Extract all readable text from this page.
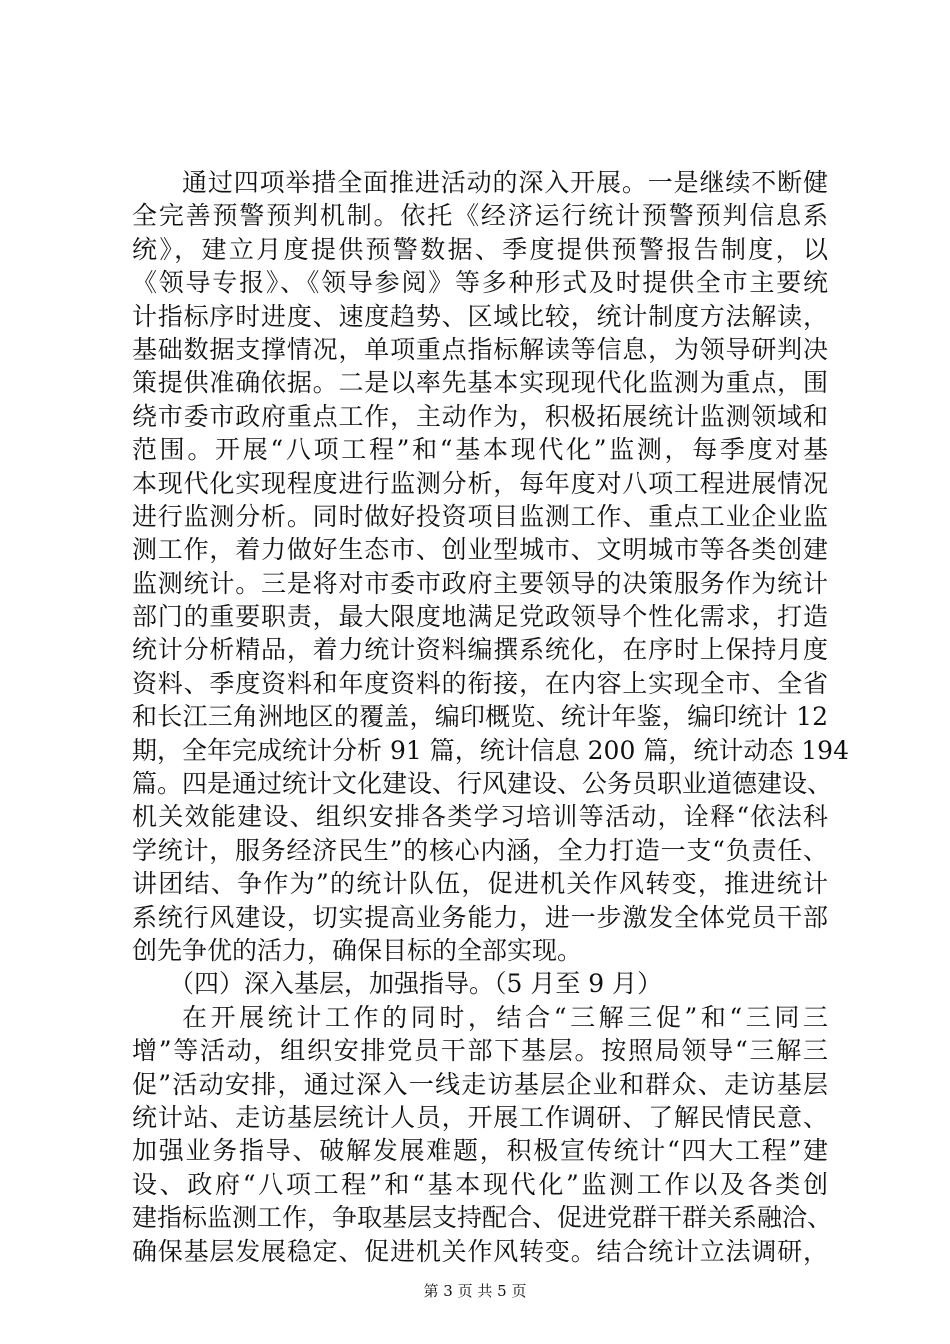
通过四项举措全面推进活动的深入开展。一是继续不断健
全完善预警预判机制。依托《经济运行统计预警预判信息系
统》，建立月度提供预警数据、季度提供预警报告制度，以
《领导专报》、《领导参阅》等多种形式及时提供全市主要统
计指标序时进度、速度趋势、区域比较，统计制度方法解读，
基础数据支撑情况，单项重点指标解读等信息，为领导研判决
策提供准确依据。二是以率先基本实现现代化监测为重点，围
绕市委市政府重点工作，主动作为，积极拓展统计监测领域和
范围。开展“八项工程”和“基本现代化”监测，每季度对基
本现代化实现程度进行监测分析，每年度对八项工程进展情况
进行监测分析。同时做好投资项目监测工作、重点工业企业监
测工作，着力做好生态市、创业型城市、文明城市等各类创建
监测统计。三是将对市委市政府主要领导的决策服务作为统计
部门的重要职责，最大限度地满足党政领导个性化需求，打造
统计分析精品，着力统计资料编撰系统化，在序时上保持月度
资料、季度资料和年度资料的衔接，在内容上实现全市、全省
和长江三角洲地区的覆盖，编印概览、统计年鉴，编印统计 12
期，全年完成统计分析 91 篇，统计信息 200 篇，统计动态 194
篇。四是通过统计文化建设、行风建设、公务员职业道德建设、
机关效能建设、组织安排各类学习培训等活动，诠释“依法科
学统计，服务经济民生”的核心内涵，全力打造一支“负责任、
讲团结、争作为”的统计队伍，促进机关作风转变，推进统计
系统行风建设，切实提高业务能力，进一步激发全体党员干部
创先争优的活力，确保目标的全部实现。
（四）深入基层，加强指导。（5 月至 9 月）
在开展统计工作的同时，结合“三解三促”和“三同三
增”等活动，组织安排党员干部下基层。按照局领导“三解三
促”活动安排，通过深入一线走访基层企业和群众、走访基层
统计站、走访基层统计人员，开展工作调研、了解民情民意、
加强业务指导、破解发展难题，积极宣传统计“四大工程”建
设、政府“八项工程”和“基本现代化”监测工作以及各类创
建指标监测工作，争取基层支持配合、促进党群干群关系融洽、
确保基层发展稳定、促进机关作风转变。结合统计立法调研，
第 3 页 共 5 页
